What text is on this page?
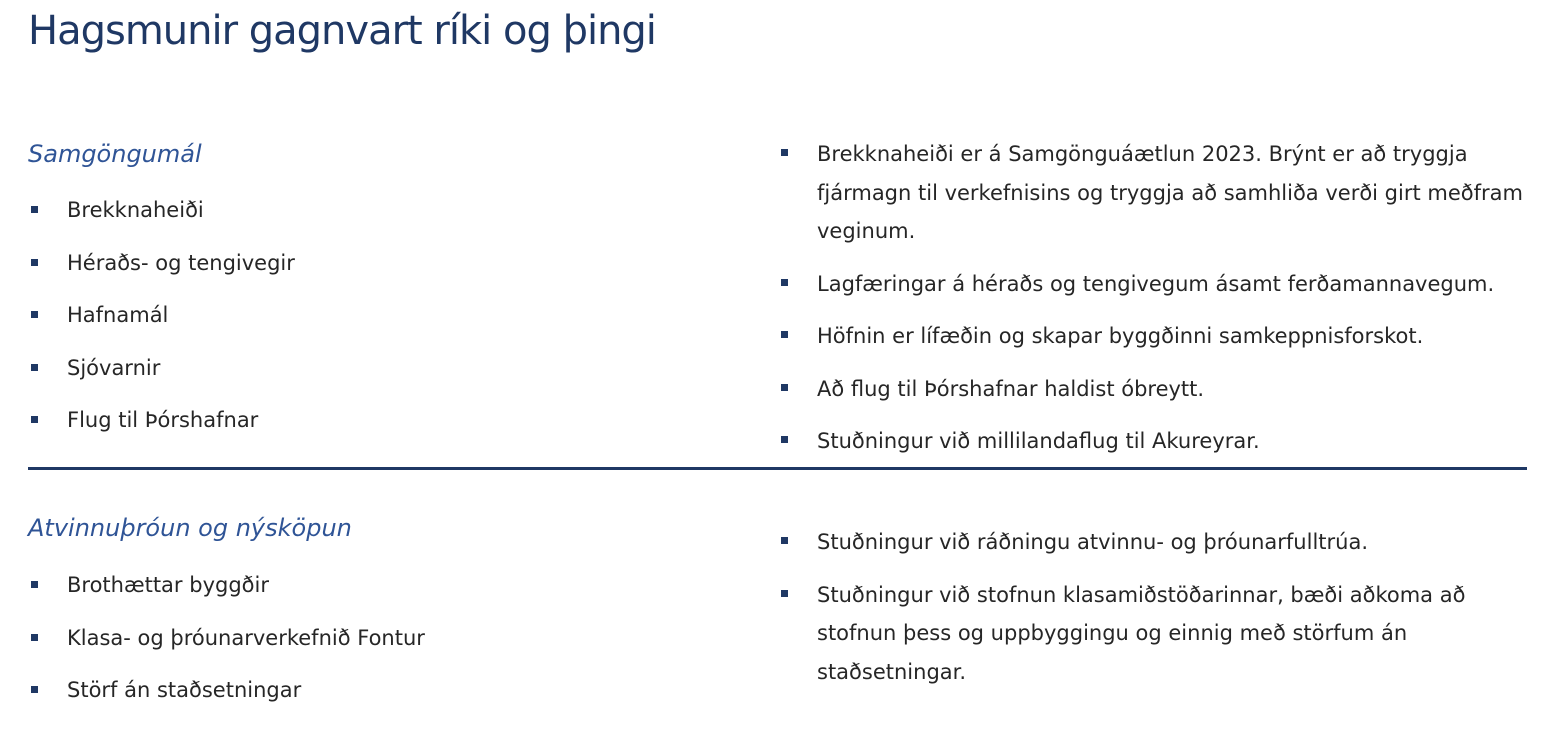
Hagsmunir gagnvart ríki og þingi
Samgöngumál
Brekknaheiði
Héraðs- og tengivegir
Hafnamál
Sjóvarnir
Flug til Þórshafnar
Brekknaheiði er á Samgönguáætlun 2023. Brýnt er að tryggja fjármagn til verkefnisins og tryggja að samhliða verði girt meðfram veginum.
Lagfæringar á héraðs og tengivegum ásamt ferðamannavegum.
Höfnin er lífæðin og skapar byggðinni samkeppnisforskot.
Að flug til Þórshafnar haldist óbreytt.
Stuðningur við millilandaflug til Akureyrar.
Atvinnuþróun og nýsköpun
Brothættar byggðir
Klasa- og þróunarverkefnið Fontur
Störf án staðsetningar
Stuðningur við ráðningu atvinnu- og þróunarfulltrúa.
Stuðningur við stofnun klasamiðstöðarinnar, bæði aðkoma að stofnun þess og uppbyggingu og einnig með störfum án staðsetningar.
